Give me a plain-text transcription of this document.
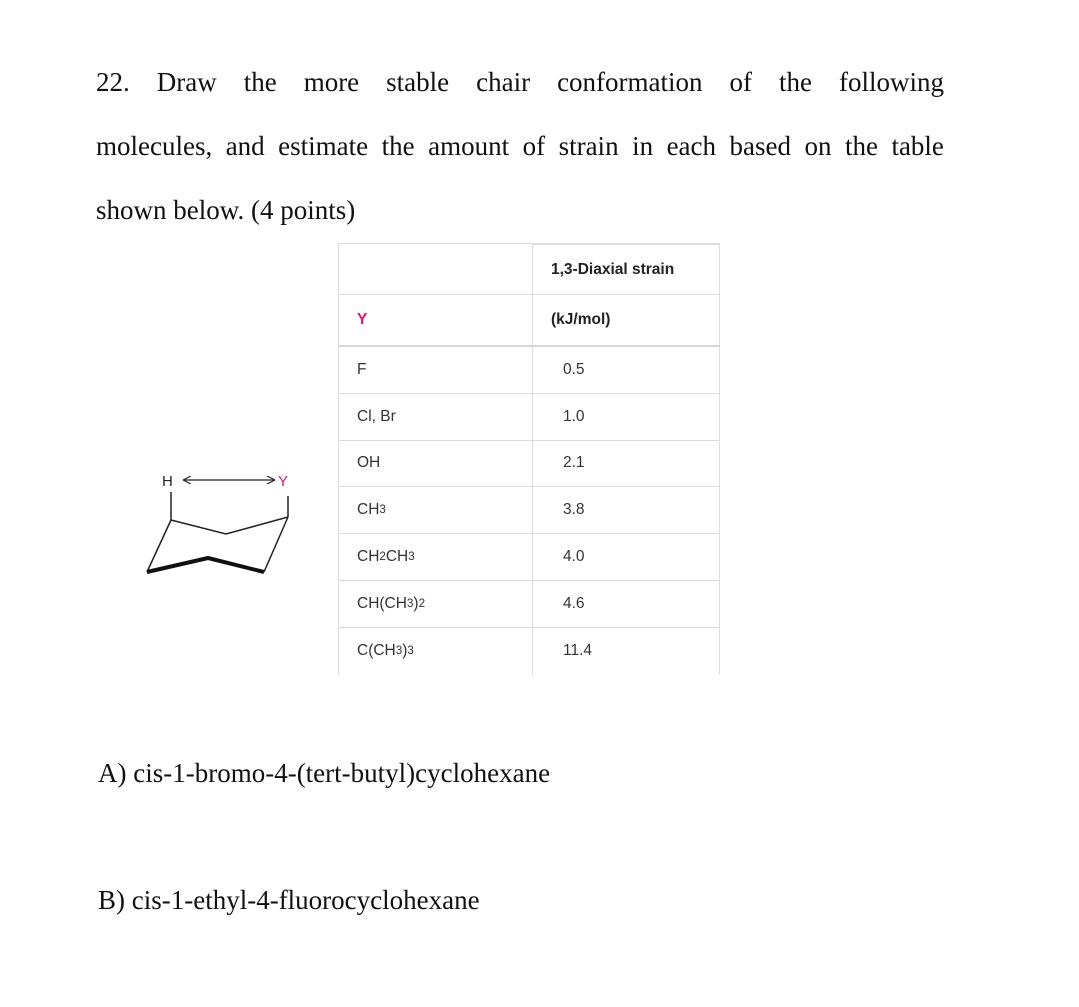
22. Draw the more stable chair conformation of the following
molecules, and estimate the amount of strain in each based on the table
shown below. (4 points)
H	Y
1,3-Diaxial strain
Y	(kJ/mol)
F	0.5
Cl, Br	1.0
OH	2.1
CH 3	3.8
CH 2 CH 3	4.0
CH(CH 3 ) 2	4.6
C(CH 3 ) 3	11.4
A) cis-1-bromo-4-(tert-butyl)cyclohexane
B) cis-1-ethyl-4-fluorocyclohexane
